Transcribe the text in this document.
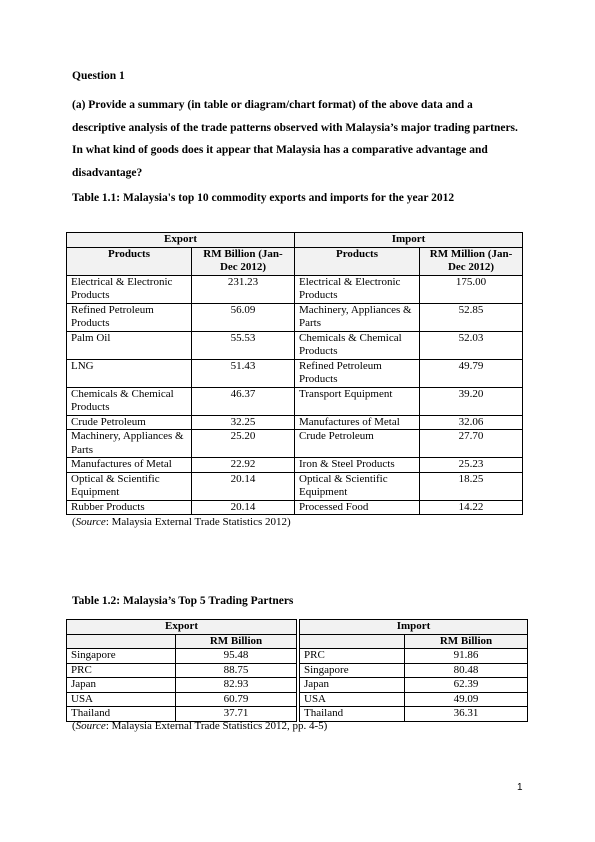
Question 1
(a) Provide a summary (in table or diagram/chart format) of the above data and a descriptive analysis of the trade patterns observed with Malaysia’s major trading partners. In what kind of goods does it appear that Malaysia has a comparative advantage and disadvantage?
Table 1.1: Malaysia's top 10 commodity exports and imports for the year 2012
Export		Import	
Products	RM Billion (Jan-Dec 2012)	Products	RM Million (Jan-Dec 2012)
Electrical & Electronic Products	231.23	Electrical & Electronic Products	175.00
Refined Petroleum Products	56.09	Machinery, Appliances & Parts	52.85
Palm Oil	55.53	Chemicals & Chemical Products	52.03
LNG	51.43	Refined Petroleum Products	49.79
Chemicals & Chemical Products	46.37	Transport Equipment	39.20
Crude Petroleum	32.25	Manufactures of Metal	32.06
Machinery, Appliances & Parts	25.20	Crude Petroleum	27.70
Manufactures of Metal	22.92	Iron & Steel Products	25.23
Optical & Scientific Equipment	20.14	Optical & Scientific Equipment	18.25
Rubber Products	20.14	Processed Food	14.22
(Source: Malaysia External Trade Statistics 2012)
Table 1.2: Malaysia’s Top 5 Trading Partners
Export			Import	
	RM Billion			RM Billion
Singapore	95.48		PRC	91.86
PRC	88.75		Singapore	80.48
Japan	82.93		Japan	62.39
USA	60.79		USA	49.09
Thailand	37.71		Thailand	36.31
(Source: Malaysia External Trade Statistics 2012, pp. 4-5)
1
